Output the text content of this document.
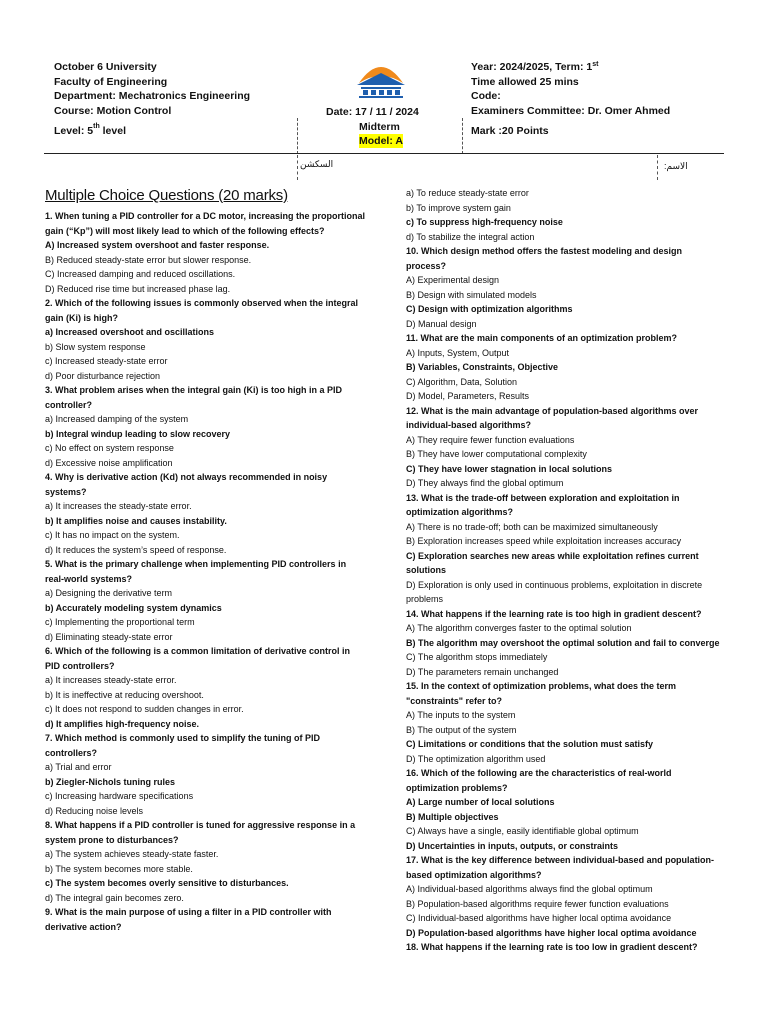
October 6 University
Faculty of Engineering
Department: Mechatronics Engineering
Course: Motion Control
Level: 5th level
Date: 17 / 11 / 2024
Midterm
Model: A
Year: 2024/2025, Term: 1st
Time allowed 25 mins
Code:
Examiners Committee: Dr. Omer Ahmed
Mark :20 Points
السكشن	الاسم:
Multiple Choice Questions (20 marks)
1. When tuning a PID controller for a DC motor, increasing the proportional gain (“Kp”) will most likely lead to which of the following effects?
A) Increased system overshoot and faster response.
B) Reduced steady-state error but slower response.
C) Increased damping and reduced oscillations.
D) Reduced rise time but increased phase lag.
2. Which of the following issues is commonly observed when the integral gain (Ki) is high?
a) Increased overshoot and oscillations
b) Slow system response
c) Increased steady-state error
d) Poor disturbance rejection
3. What problem arises when the integral gain (Ki) is too high in a PID controller?
a) Increased damping of the system
b) Integral windup leading to slow recovery
c) No effect on system response
d) Excessive noise amplification
4. Why is derivative action (Kd) not always recommended in noisy systems?
a) It increases the steady-state error.
b) It amplifies noise and causes instability.
c) It has no impact on the system.
d) It reduces the system’s speed of response.
5. What is the primary challenge when implementing PID controllers in real-world systems?
a) Designing the derivative term
b) Accurately modeling system dynamics
c) Implementing the proportional term
d) Eliminating steady-state error
6. Which of the following is a common limitation of derivative control in PID controllers?
a) It increases steady-state error.
b) It is ineffective at reducing overshoot.
c) It does not respond to sudden changes in error.
d) It amplifies high-frequency noise.
7. Which method is commonly used to simplify the tuning of PID controllers?
a) Trial and error
b) Ziegler-Nichols tuning rules
c) Increasing hardware specifications
d) Reducing noise levels
8. What happens if a PID controller is tuned for aggressive response in a system prone to disturbances?
a) The system achieves steady-state faster.
b) The system becomes more stable.
c) The system becomes overly sensitive to disturbances.
d) The integral gain becomes zero.
9. What is the main purpose of using a filter in a PID controller with derivative action?
a) To reduce steady-state error
b) To improve system gain
c) To suppress high-frequency noise
d) To stabilize the integral action
10. Which design method offers the fastest modeling and design process?
A) Experimental design
B) Design with simulated models
C) Design with optimization algorithms
D) Manual design
11. What are the main components of an optimization problem?
A) Inputs, System, Output
B) Variables, Constraints, Objective
C) Algorithm, Data, Solution
D) Model, Parameters, Results
12. What is the main advantage of population-based algorithms over individual-based algorithms?
A) They require fewer function evaluations
B) They have lower computational complexity
C) They have lower stagnation in local solutions
D) They always find the global optimum
13. What is the trade-off between exploration and exploitation in optimization algorithms?
A) There is no trade-off; both can be maximized simultaneously
B) Exploration increases speed while exploitation increases accuracy
C) Exploration searches new areas while exploitation refines current solutions
D) Exploration is only used in continuous problems, exploitation in discrete problems
14. What happens if the learning rate is too high in gradient descent?
A) The algorithm converges faster to the optimal solution
B) The algorithm may overshoot the optimal solution and fail to converge
C) The algorithm stops immediately
D) The parameters remain unchanged
15. In the context of optimization problems, what does the term "constraints" refer to?
A) The inputs to the system
B) The output of the system
C) Limitations or conditions that the solution must satisfy
D) The optimization algorithm used
16. Which of the following are the characteristics of real-world optimization problems?
A) Large number of local solutions
B) Multiple objectives
C) Always have a single, easily identifiable global optimum
D) Uncertainties in inputs, outputs, or constraints
17. What is the key difference between individual-based and population-based optimization algorithms?
A) Individual-based algorithms always find the global optimum
B) Population-based algorithms require fewer function evaluations
C) Individual-based algorithms have higher local optima avoidance
D) Population-based algorithms have higher local optima avoidance
18. What happens if the learning rate is too low in gradient descent?
